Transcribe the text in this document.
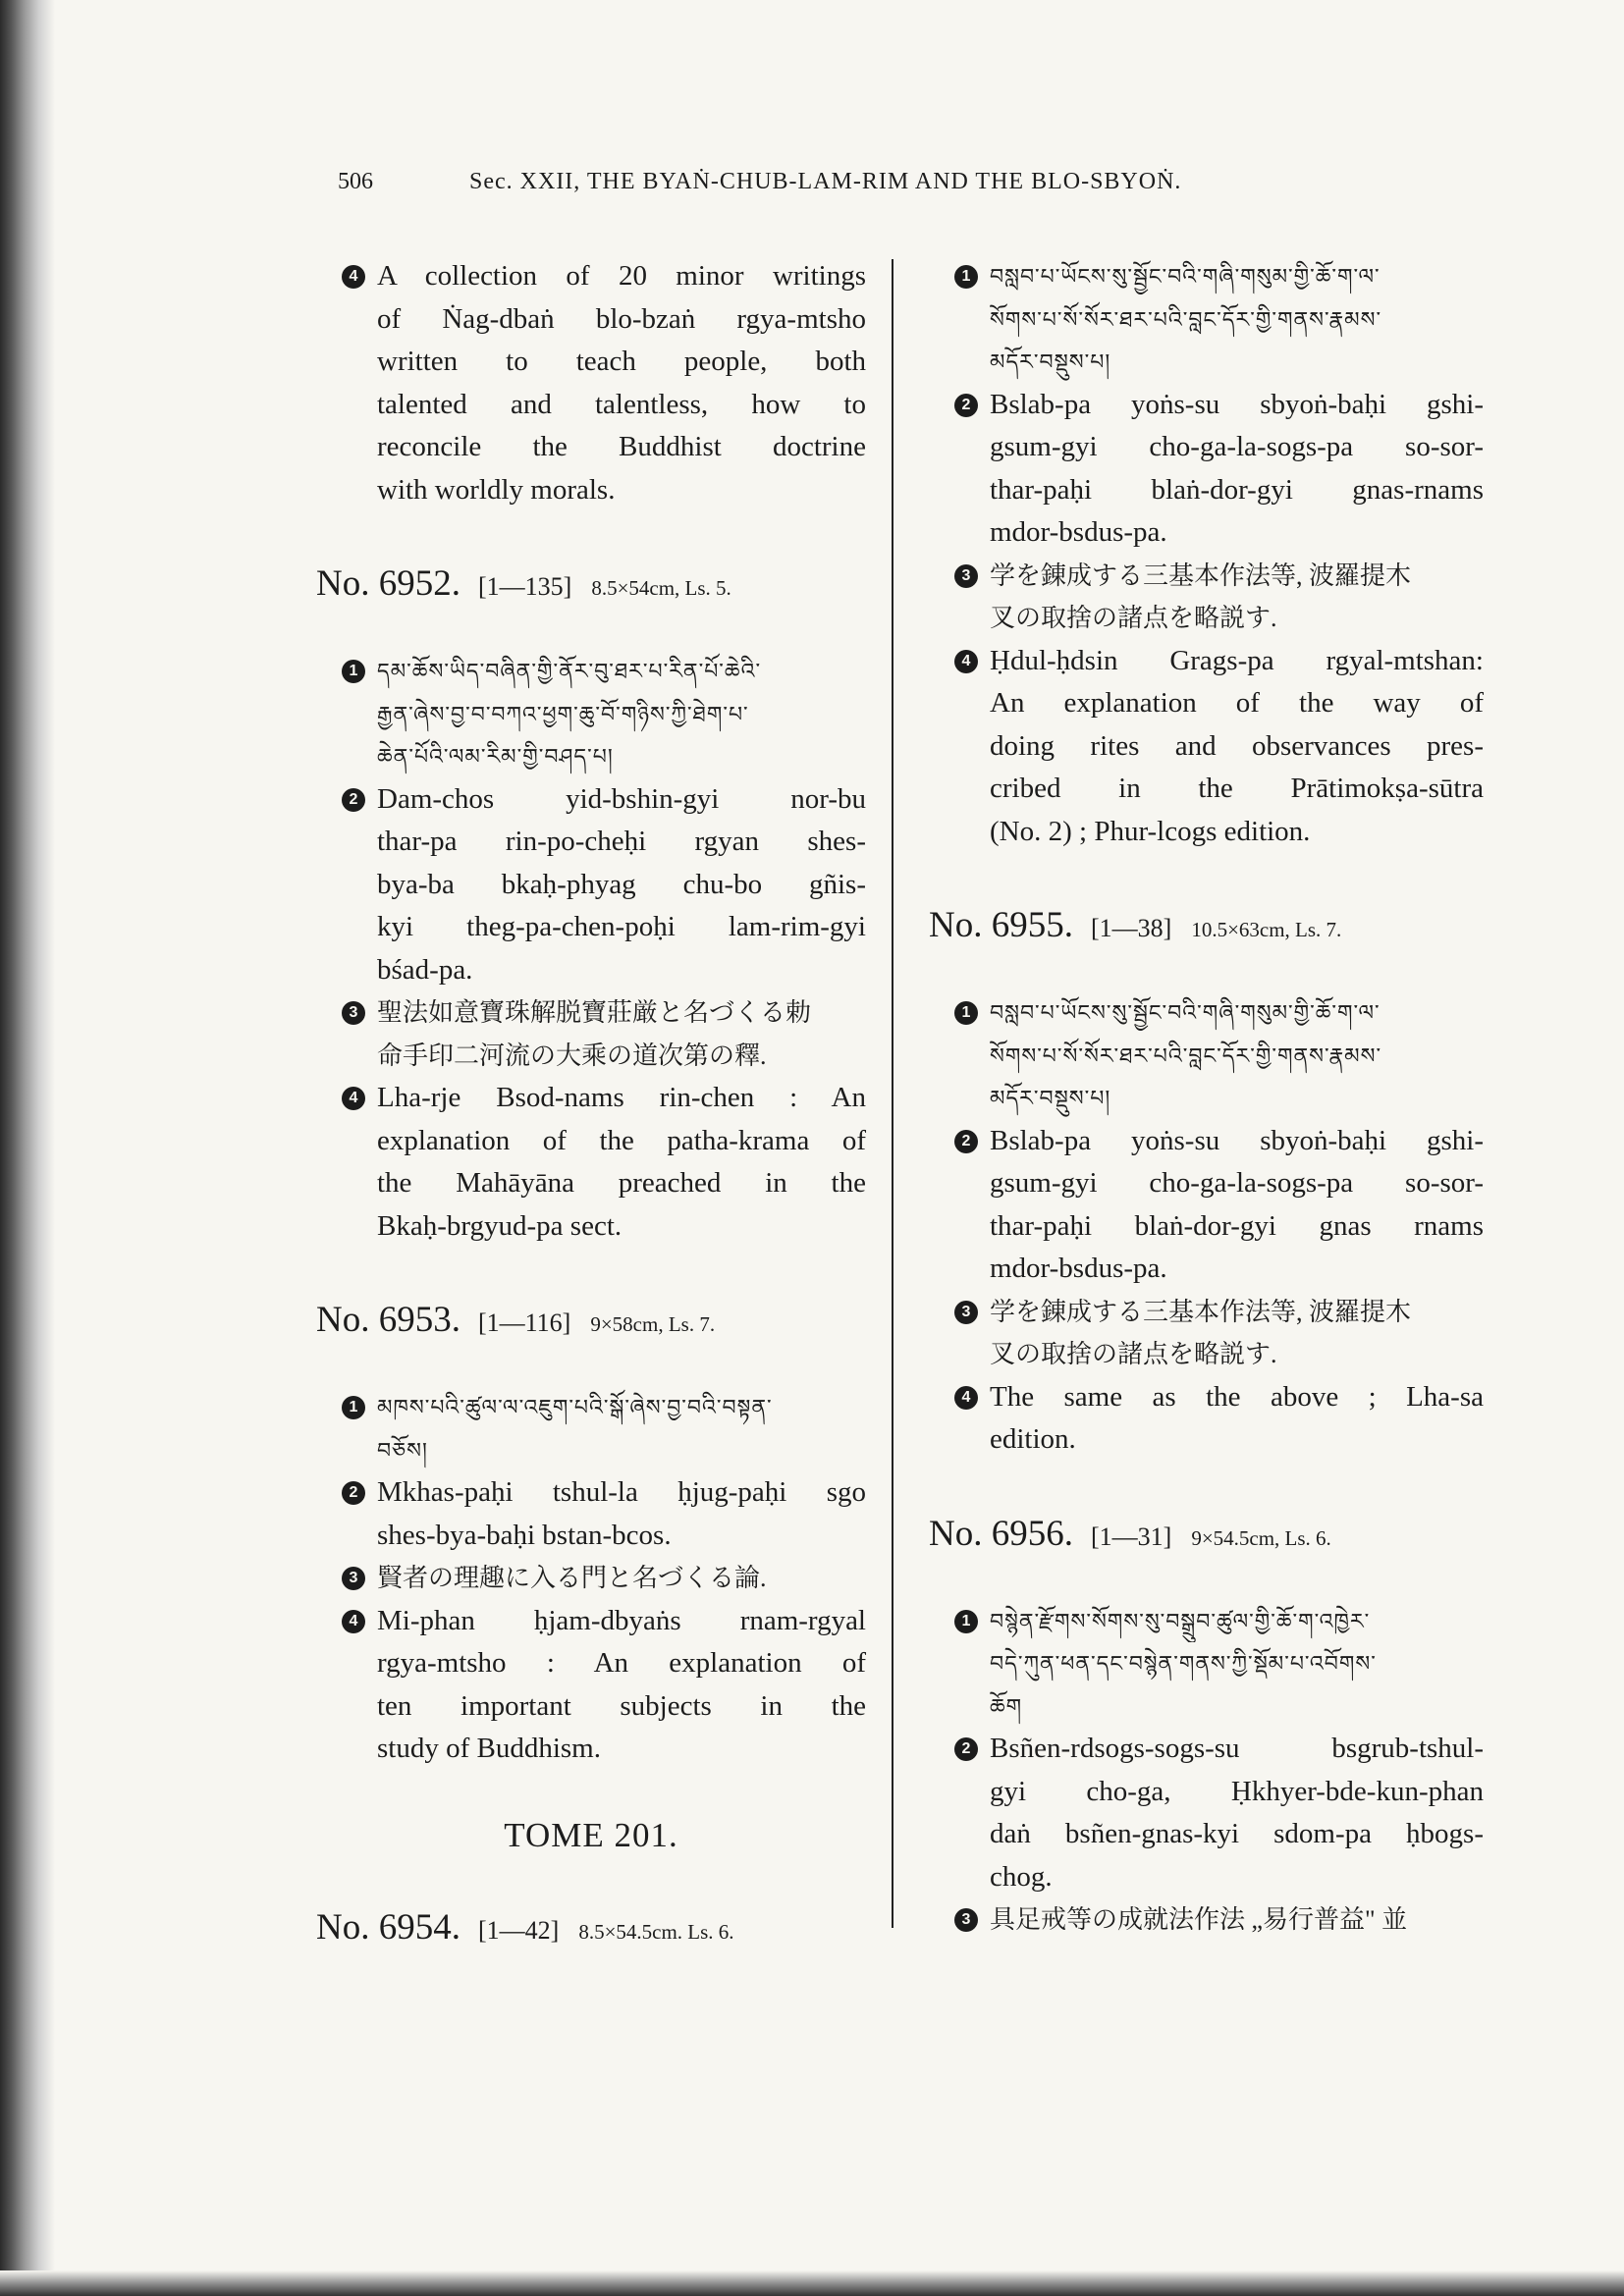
506	Sec. XXII, THE BYAṄ-CHUB-LAM-RIM AND THE BLO-SBYOṄ.
4 A collection of 20 minor writings
of Ṅag-dbaṅ blo-bzaṅ rgya-mtsho
written to teach people, both
talented and talentless, how to
reconcile the Buddhist doctrine
with worldly morals.
No. 6952. [1—135] 8.5×54cm, Ls. 5.
1 དམ་ཆོས་ཡིད་བཞིན་གྱི་ནོར་བུ་ཐར་པ་རིན་པོ་ཆེའི་
རྒྱན་ཞེས་བྱ་བ་བཀའ་ཕྱག་ཆུ་བོ་གཉིས་ཀྱི་ཐེག་པ་
ཆེན་པོའི་ལམ་རིམ་གྱི་བཤད་པ།
2 Dam-chos yid-bshin-gyi nor-bu
thar-pa rin-po-cheḥi rgyan shes-
bya-ba bkaḥ-phyag chu-bo gñis-
kyi theg-pa-chen-poḥi lam-rim-gyi
bśad-pa.
3 聖法如意寶珠解脱寶莊厳と名づくる勅
命手印二河流の大乘の道次第の釋.
4 Lha-rje Bsod-nams rin-chen : An
explanation of the patha-krama of
the Mahāyāna preached in the
Bkaḥ-brgyud-pa sect.
No. 6953. [1—116] 9×58cm, Ls. 7.
1 མཁས་པའི་ཚུལ་ལ་འཇུག་པའི་སྒོ་ཞེས་བྱ་བའི་བསྟན་
བཅོས།
2 Mkhas-paḥi tshul-la ḥjug-paḥi sgo
shes-bya-baḥi bstan-bcos.
3 賢者の理趣に入る門と名づくる論.
4 Mi-phan ḥjam-dbyaṅs rnam-rgyal
rgya-mtsho : An explanation of
ten important subjects in the
study of Buddhism.
TOME 201.
No. 6954. [1—42] 8.5×54.5cm. Ls. 6.
1 བསླབ་པ་ཡོངས་སུ་སྦྱོང་བའི་གཞི་གསུམ་གྱི་ཆོ་ག་ལ་
སོགས་པ་སོ་སོར་ཐར་པའི་བླང་དོར་གྱི་གནས་རྣམས་
མདོར་བསྡུས་པ།
2 Bslab-pa yoṅs-su sbyoṅ-baḥi gshi-
gsum-gyi cho-ga-la-sogs-pa so-sor-
thar-paḥi blaṅ-dor-gyi gnas-rnams
mdor-bsdus-pa.
3 学を錬成する三基本作法等, 波羅提木
叉の取捨の諸点を略説す.
4 Ḥdul-ḥdsin Grags-pa rgyal-mtshan:
An explanation of the way of
doing rites and observances pres-
cribed in the Prātimokṣa-sūtra
(No. 2) ; Phur-lcogs edition.
No. 6955. [1—38] 10.5×63cm, Ls. 7.
1 བསླབ་པ་ཡོངས་སུ་སྦྱོང་བའི་གཞི་གསུམ་གྱི་ཆོ་ག་ལ་
སོགས་པ་སོ་སོར་ཐར་པའི་བླང་དོར་གྱི་གནས་རྣམས་
མདོར་བསྡུས་པ།
2 Bslab-pa yoṅs-su sbyoṅ-baḥi gshi-
gsum-gyi cho-ga-la-sogs-pa so-sor-
thar-paḥi blaṅ-dor-gyi gnas rnams
mdor-bsdus-pa.
3 学を錬成する三基本作法等, 波羅提木
叉の取捨の諸点を略説す.
4 The same as the above ; Lha-sa
edition.
No. 6956. [1—31] 9×54.5cm, Ls. 6.
1 བསྙེན་རྫོགས་སོགས་སུ་བསྒྲུབ་ཚུལ་གྱི་ཆོ་ག་འཁྱེར་
བདེ་ཀུན་ཕན་དང་བསྙེན་གནས་ཀྱི་སྡོམ་པ་འབོགས་
ཆོག
2 Bsñen-rdsogs-sogs-su bsgrub-tshul-
gyi cho-ga, Ḥkhyer-bde-kun-phan
daṅ bsñen-gnas-kyi sdom-pa ḥbogs-
chog.
3 具足戒等の成就法作法 „易行普益" 並
